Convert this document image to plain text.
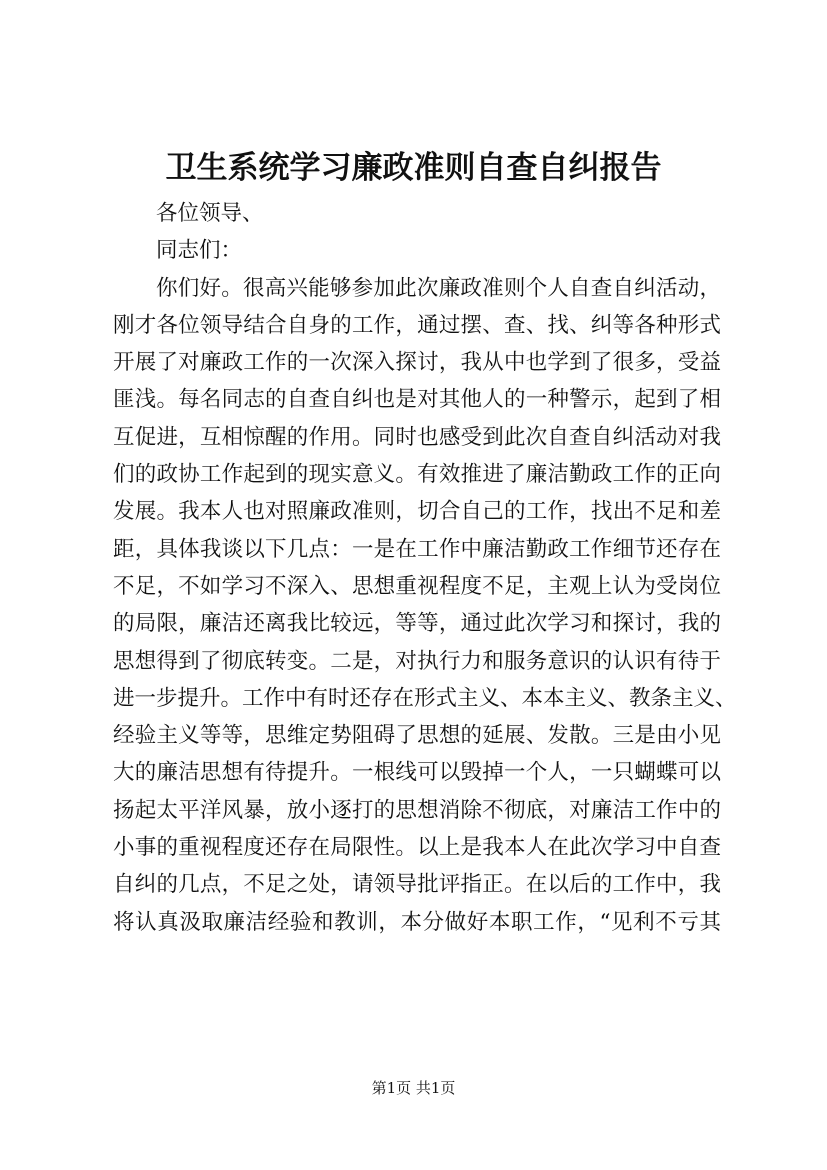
卫生系统学习廉政准则自查自纠报告
各位领导、
同志们：
你们好。很高兴能够参加此次廉政准则个人自查自纠活动，
刚才各位领导结合自身的工作，通过摆、查、找、纠等各种形式
开展了对廉政工作的一次深入探讨，我从中也学到了很多，受益
匪浅。每名同志的自查自纠也是对其他人的一种警示，起到了相
互促进，互相惊醒的作用。同时也感受到此次自查自纠活动对我
们的政协工作起到的现实意义。有效推进了廉洁勤政工作的正向
发展。我本人也对照廉政准则，切合自己的工作，找出不足和差
距，具体我谈以下几点：一是在工作中廉洁勤政工作细节还存在
不足，不如学习不深入、思想重视程度不足，主观上认为受岗位
的局限，廉洁还离我比较远，等等，通过此次学习和探讨，我的
思想得到了彻底转变。二是，对执行力和服务意识的认识有待于
进一步提升。工作中有时还存在形式主义、本本主义、教条主义、
经验主义等等，思维定势阻碍了思想的延展、发散。三是由小见
大的廉洁思想有待提升。一根线可以毁掉一个人，一只蝴蝶可以
扬起太平洋风暴，放小逐打的思想消除不彻底，对廉洁工作中的
小事的重视程度还存在局限性。以上是我本人在此次学习中自查
自纠的几点，不足之处，请领导批评指正。在以后的工作中，我
将认真汲取廉洁经验和教训，本分做好本职工作，“见利不亏其
第1页 共1页
